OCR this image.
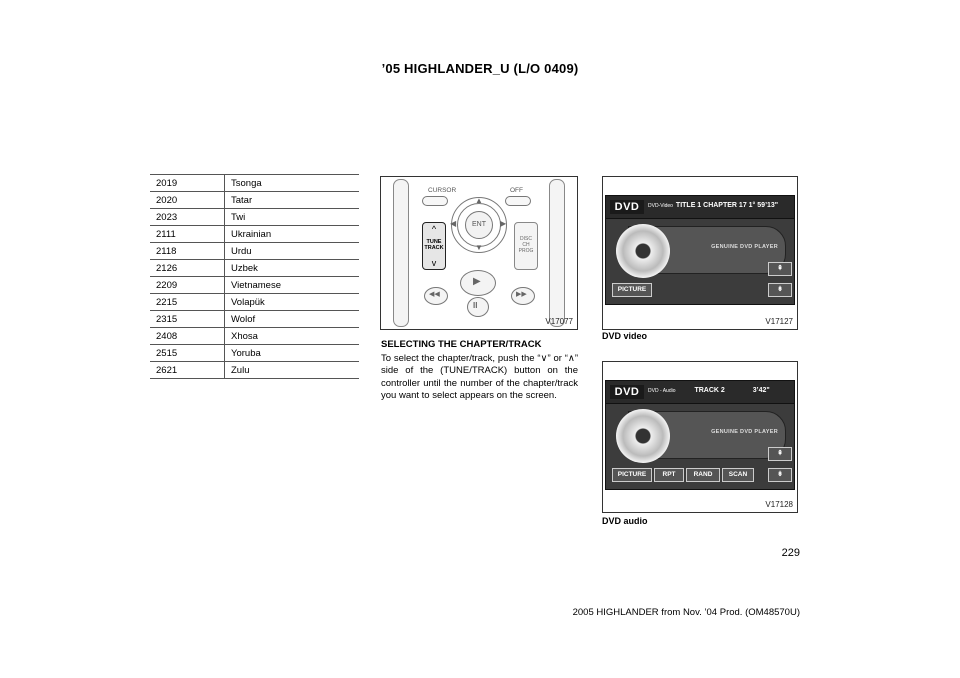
’05 HIGHLANDER_U (L/O 0409)
2019	Tsonga
2020	Tatar
2023	Twi
2111	Ukrainian
2118	Urdu
2126	Uzbek
2209	Vietnamese
2215	Volapük
2315	Wolof
2408	Xhosa
2515	Yoruba
2621	Zulu
CURSOR	OFF
ENT
▲
▼
◀	▶
^
TUNE
TRACK
v
DISC
CH
PROG
▶
◀◀	▶▶
II
V17077
SELECTING THE CHAPTER/TRACK
To select the chapter/track, push the “∨” or “∧” side of the (TUNE/TRACK) button on the controller until the number of the chapter/track you want to select appears on the screen.
DVD	DVD-Video TITLE 1 CHAPTER 17 1° 59’13"
GENUINE DVD PLAYER
⇞
PICTURE	⇟
V17127
DVD video
DVD	DVD - Audio	TRACK 2	3’42"
GENUINE DVD PLAYER
⇞
PICTURE	RPT	RAND	SCAN	⇟
V17128
DVD audio
229
2005 HIGHLANDER from Nov. ’04 Prod. (OM48570U)
